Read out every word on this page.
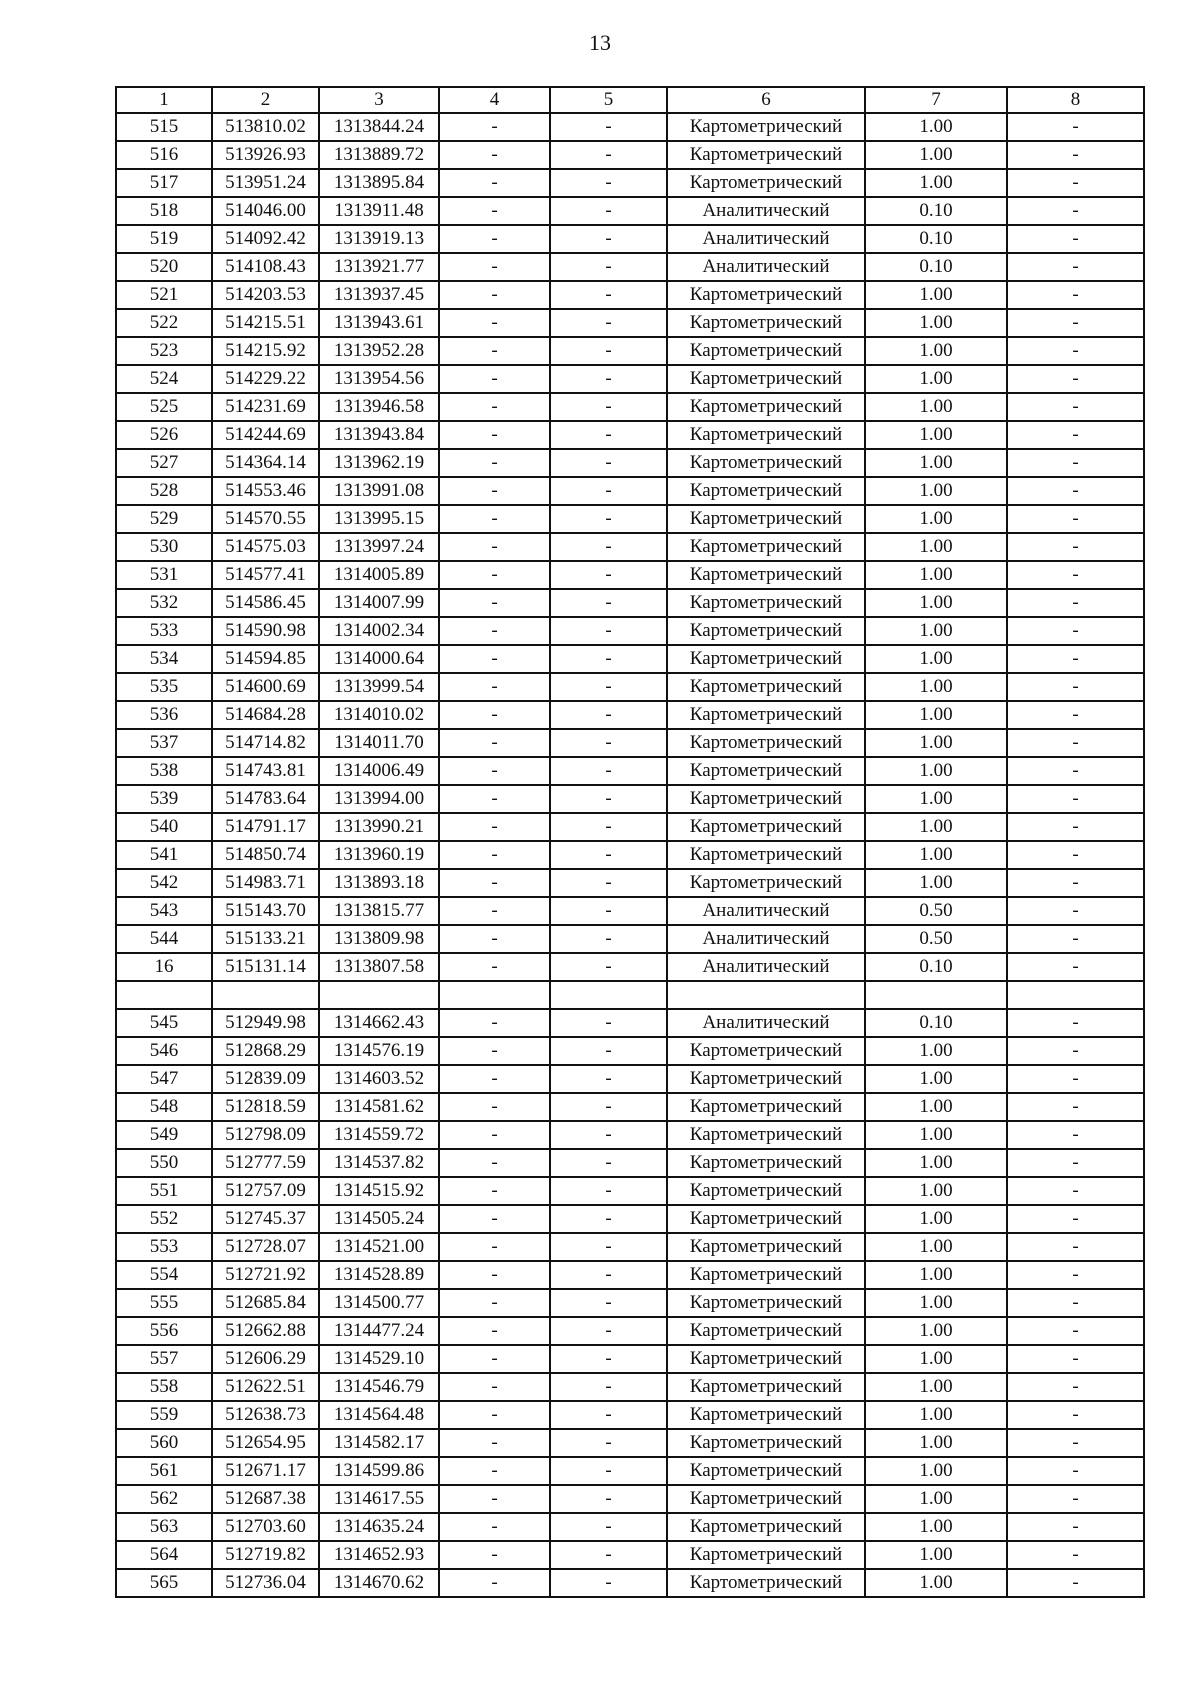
13
1	2	3	4	5	6	7	8
515	513810.02	1313844.24	-	-	Картометрический	1.00	-
516	513926.93	1313889.72	-	-	Картометрический	1.00	-
517	513951.24	1313895.84	-	-	Картометрический	1.00	-
518	514046.00	1313911.48	-	-	Аналитический	0.10	-
519	514092.42	1313919.13	-	-	Аналитический	0.10	-
520	514108.43	1313921.77	-	-	Аналитический	0.10	-
521	514203.53	1313937.45	-	-	Картометрический	1.00	-
522	514215.51	1313943.61	-	-	Картометрический	1.00	-
523	514215.92	1313952.28	-	-	Картометрический	1.00	-
524	514229.22	1313954.56	-	-	Картометрический	1.00	-
525	514231.69	1313946.58	-	-	Картометрический	1.00	-
526	514244.69	1313943.84	-	-	Картометрический	1.00	-
527	514364.14	1313962.19	-	-	Картометрический	1.00	-
528	514553.46	1313991.08	-	-	Картометрический	1.00	-
529	514570.55	1313995.15	-	-	Картометрический	1.00	-
530	514575.03	1313997.24	-	-	Картометрический	1.00	-
531	514577.41	1314005.89	-	-	Картометрический	1.00	-
532	514586.45	1314007.99	-	-	Картометрический	1.00	-
533	514590.98	1314002.34	-	-	Картометрический	1.00	-
534	514594.85	1314000.64	-	-	Картометрический	1.00	-
535	514600.69	1313999.54	-	-	Картометрический	1.00	-
536	514684.28	1314010.02	-	-	Картометрический	1.00	-
537	514714.82	1314011.70	-	-	Картометрический	1.00	-
538	514743.81	1314006.49	-	-	Картометрический	1.00	-
539	514783.64	1313994.00	-	-	Картометрический	1.00	-
540	514791.17	1313990.21	-	-	Картометрический	1.00	-
541	514850.74	1313960.19	-	-	Картометрический	1.00	-
542	514983.71	1313893.18	-	-	Картометрический	1.00	-
543	515143.70	1313815.77	-	-	Аналитический	0.50	-
544	515133.21	1313809.98	-	-	Аналитический	0.50	-
16	515131.14	1313807.58	-	-	Аналитический	0.10	-

545	512949.98	1314662.43	-	-	Аналитический	0.10	-
546	512868.29	1314576.19	-	-	Картометрический	1.00	-
547	512839.09	1314603.52	-	-	Картометрический	1.00	-
548	512818.59	1314581.62	-	-	Картометрический	1.00	-
549	512798.09	1314559.72	-	-	Картометрический	1.00	-
550	512777.59	1314537.82	-	-	Картометрический	1.00	-
551	512757.09	1314515.92	-	-	Картометрический	1.00	-
552	512745.37	1314505.24	-	-	Картометрический	1.00	-
553	512728.07	1314521.00	-	-	Картометрический	1.00	-
554	512721.92	1314528.89	-	-	Картометрический	1.00	-
555	512685.84	1314500.77	-	-	Картометрический	1.00	-
556	512662.88	1314477.24	-	-	Картометрический	1.00	-
557	512606.29	1314529.10	-	-	Картометрический	1.00	-
558	512622.51	1314546.79	-	-	Картометрический	1.00	-
559	512638.73	1314564.48	-	-	Картометрический	1.00	-
560	512654.95	1314582.17	-	-	Картометрический	1.00	-
561	512671.17	1314599.86	-	-	Картометрический	1.00	-
562	512687.38	1314617.55	-	-	Картометрический	1.00	-
563	512703.60	1314635.24	-	-	Картометрический	1.00	-
564	512719.82	1314652.93	-	-	Картометрический	1.00	-
565	512736.04	1314670.62	-	-	Картометрический	1.00	-
